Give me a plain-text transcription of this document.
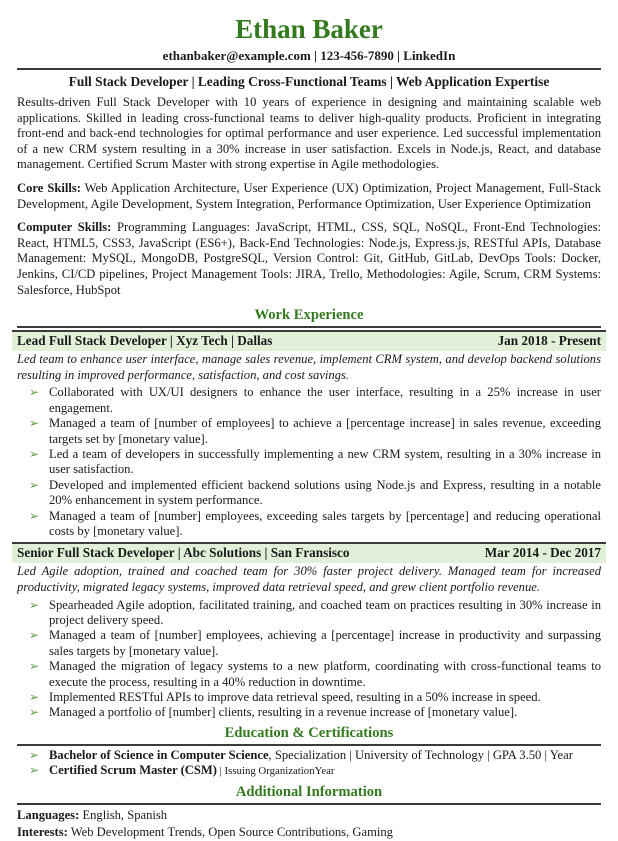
Ethan Baker
ethanbaker@example.com | 123-456-7890 | LinkedIn
Full Stack Developer | Leading Cross-Functional Teams | Web Application Expertise

Results-driven Full Stack Developer with 10 years of experience in designing and maintaining scalable web applications. Skilled in leading cross-functional teams to deliver high-quality products. Proficient in integrating front-end and back-end technologies for optimal performance and user experience. Led successful implementation of a new CRM system resulting in a 30% increase in user satisfaction. Excels in Node.js, React, and database management. Certified Scrum Master with strong expertise in Agile methodologies.

Core Skills: Web Application Architecture, User Experience (UX) Optimization, Project Management, Full-Stack Development, Agile Development, System Integration, Performance Optimization, User Experience Optimization

Computer Skills: Programming Languages: JavaScript, HTML, CSS, SQL, NoSQL, Front-End Technologies: React, HTML5, CSS3, JavaScript (ES6+), Back-End Technologies: Node.js, Express.js, RESTful APIs, Database Management: MySQL, MongoDB, PostgreSQL, Version Control: Git, GitHub, GitLab, DevOps Tools: Docker, Jenkins, CI/CD pipelines, Project Management Tools: JIRA, Trello, Methodologies: Agile, Scrum, CRM Systems: Salesforce, HubSpot

Work Experience
Lead Full Stack Developer | Xyz Tech | Dallas	Jan 2018 - Present

Led team to enhance user interface, manage sales revenue, implement CRM system, and develop backend solutions resulting in improved performance, satisfaction, and cost savings.

➢ Collaborated with UX/UI designers to enhance the user interface, resulting in a 25% increase in user engagement.
➢ Managed a team of [number of employees] to achieve a [percentage increase] in sales revenue, exceeding targets set by [monetary value].
➢ Led a team of developers in successfully implementing a new CRM system, resulting in a 30% increase in user satisfaction.
➢ Developed and implemented efficient backend solutions using Node.js and Express, resulting in a notable 20% enhancement in system performance.
➢ Managed a team of [number] employees, exceeding sales targets by [percentage] and reducing operational costs by [monetary value].
Senior Full Stack Developer | Abc Solutions | San Fransisco	Mar 2014 - Dec 2017

Led Agile adoption, trained and coached team for 30% faster project delivery. Managed team for increased productivity, migrated legacy systems, improved data retrieval speed, and grew client portfolio revenue.

➢ Spearheaded Agile adoption, facilitated training, and coached team on practices resulting in 30% increase in project delivery speed.
➢ Managed a team of [number] employees, achieving a [percentage] increase in productivity and surpassing sales targets by [monetary value].
➢ Managed the migration of legacy systems to a new platform, coordinating with cross-functional teams to execute the process, resulting in a 40% reduction in downtime.
➢ Implemented RESTful APIs to improve data retrieval speed, resulting in a 50% increase in speed.
➢ Managed a portfolio of [number] clients, resulting in a revenue increase of [monetary value].
Education & Certifications
➢ Bachelor of Science in Computer Science, Specialization | University of Technology | GPA 3.50 | Year
➢ Certified Scrum Master (CSM) | Issuing OrganizationYear
Additional Information

Languages: English, Spanish

Interests: Web Development Trends, Open Source Contributions, Gaming
